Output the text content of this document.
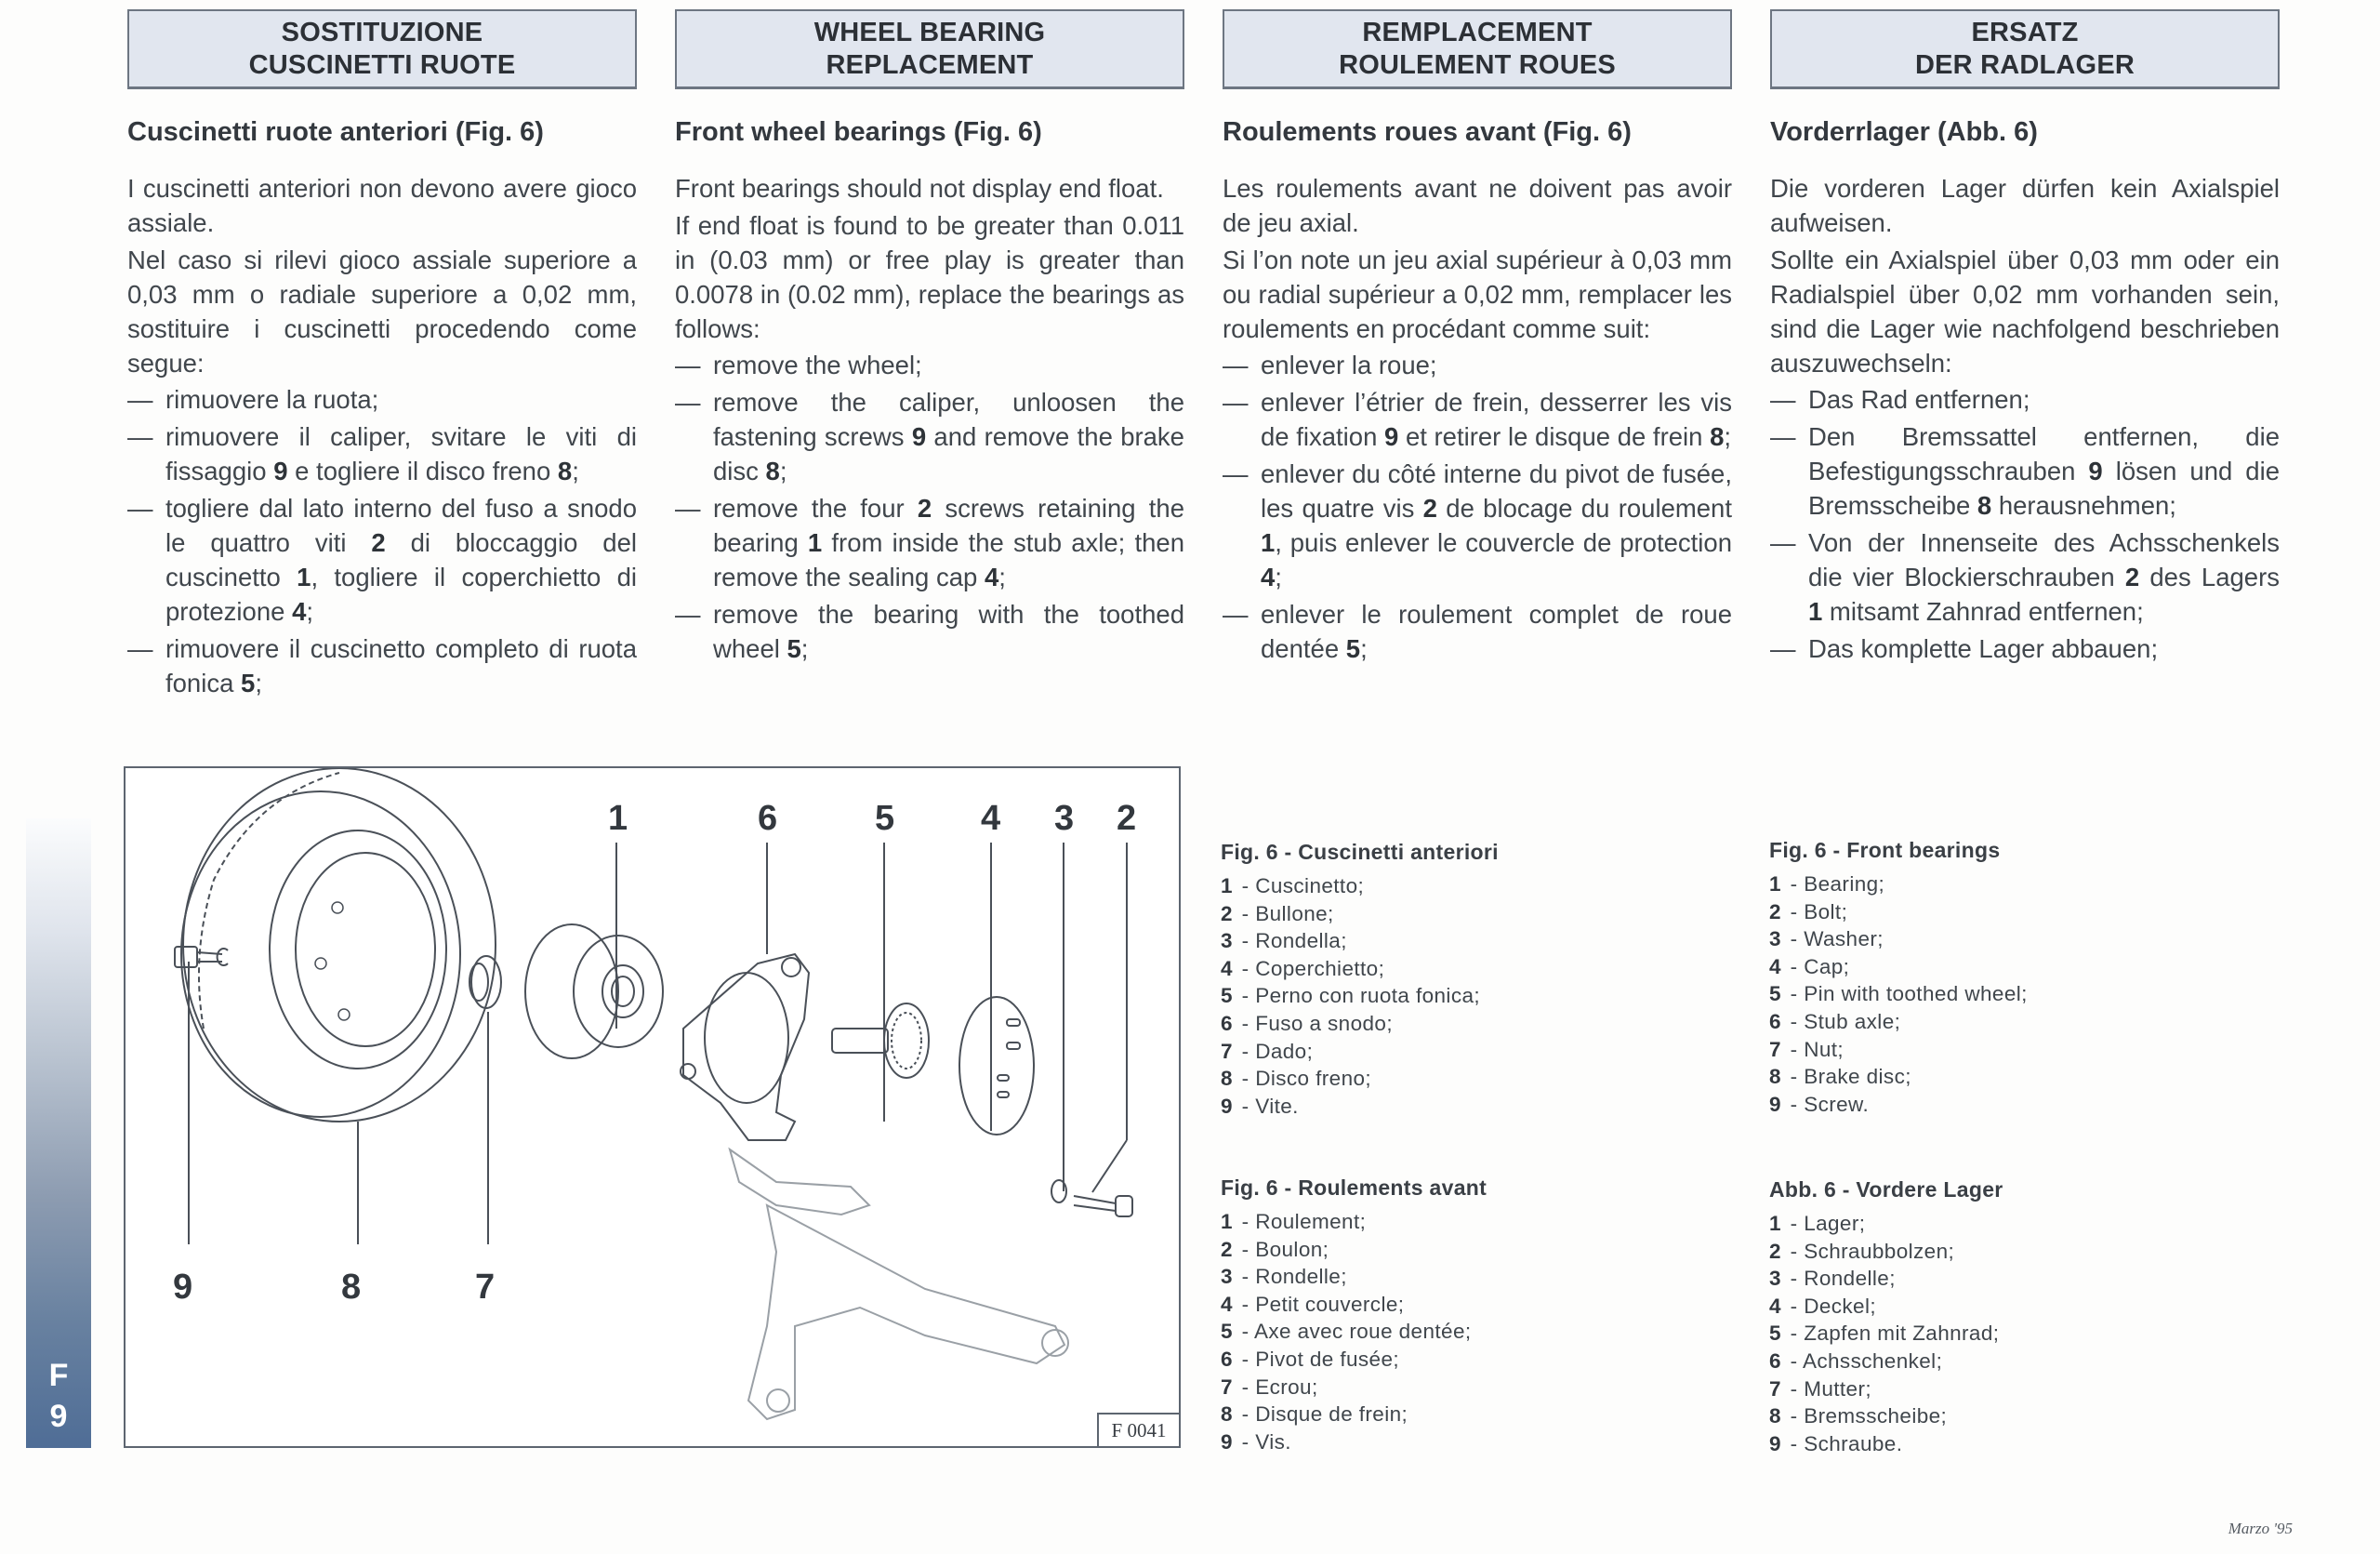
SOSTITUZIONE
CUSCINETTI RUOTE
Cuscinetti ruote anteriori (Fig. 6)

I cuscinetti anteriori non devono avere gioco assiale.

Nel caso si rilevi gioco assiale superiore a 0,03 mm o radiale superiore a 0,02 mm, sostituire i cuscinetti procedendo come segue:

— rimuovere la ruota;
— rimuovere il caliper, svitare le viti di fissaggio 9 e togliere il disco freno 8;
— togliere dal lato interno del fuso a snodo le quattro viti 2 di bloccaggio del cuscinetto 1, togliere il coperchietto di protezione 4;
— rimuovere il cuscinetto completo di ruota fonica 5;
WHEEL BEARING
REPLACEMENT
Front wheel bearings (Fig. 6)

Front bearings should not display end float.

If end float is found to be greater than 0.011 in (0.03 mm) or free play is greater than 0.0078 in (0.02 mm), replace the bearings as follows:

— remove the wheel;
— remove the caliper, unloosen the fastening screws 9 and remove the brake disc 8;
— remove the four 2 screws retaining the bearing 1 from inside the stub axle; then remove the sealing cap 4;
— remove the bearing with the toothed wheel 5;
REMPLACEMENT
ROULEMENT ROUES
Roulements roues avant (Fig. 6)

Les roulements avant ne doivent pas avoir de jeu axial.

Si l’on note un jeu axial supérieur à 0,03 mm ou radial supérieur a 0,02 mm, remplacer les roulements en procédant comme suit:

— enlever la roue;
— enlever l’étrier de frein, desserrer les vis de fixation 9 et retirer le disque de frein 8;
— enlever du côté interne du pivot de fusée, les quatre vis 2 de blocage du roulement 1, puis enlever le couvercle de protection 4;
— enlever le roulement complet de roue dentée 5;
ERSATZ
DER RADLAGER
Vorderrlager (Abb. 6)

Die vorderen Lager dürfen kein Axialspiel aufweisen.

Sollte ein Axialspiel über 0,03 mm oder ein Radialspiel über 0,02 mm vorhanden sein, sind die Lager wie nachfolgend beschrieben auszuwechseln:

— Das Rad entfernen;
— Den Bremssattel entfernen, die Befestigungsschrauben 9 lösen und die Bremsscheibe 8 herausnehmen;
— Von der Innenseite des Achsschenkels die vier Blockierschrauben 2 des Lagers 1 mitsamt Zahnrad entfernen;
— Das komplette Lager abbauen;
F
9
1	6	5 4 3 2
9	8	7
F 0041
Fig. 6 - Cuscinetti anteriori
1 - Cuscinetto;
2 - Bullone;
3 - Rondella;
4 - Coperchietto;
5 - Perno con ruota fonica;
6 - Fuso a snodo;
7 - Dado;
8 - Disco freno;
9 - Vite.
Fig. 6 - Roulements avant
1 - Roulement;
2 - Boulon;
3 - Rondelle;
4 - Petit couvercle;
5 - Axe avec roue dentée;
6 - Pivot de fusée;
7 - Ecrou;
8 - Disque de frein;
9 - Vis.
Fig. 6 - Front bearings
1 - Bearing;
2 - Bolt;
3 - Washer;
4 - Cap;
5 - Pin with toothed wheel;
6 - Stub axle;
7 - Nut;
8 - Brake disc;
9 - Screw.
Abb. 6 - Vordere Lager
1 - Lager;
2 - Schraubbolzen;
3 - Rondelle;
4 - Deckel;
5 - Zapfen mit Zahnrad;
6 - Achsschenkel;
7 - Mutter;
8 - Bremsscheibe;
9 - Schraube.
Marzo '95
